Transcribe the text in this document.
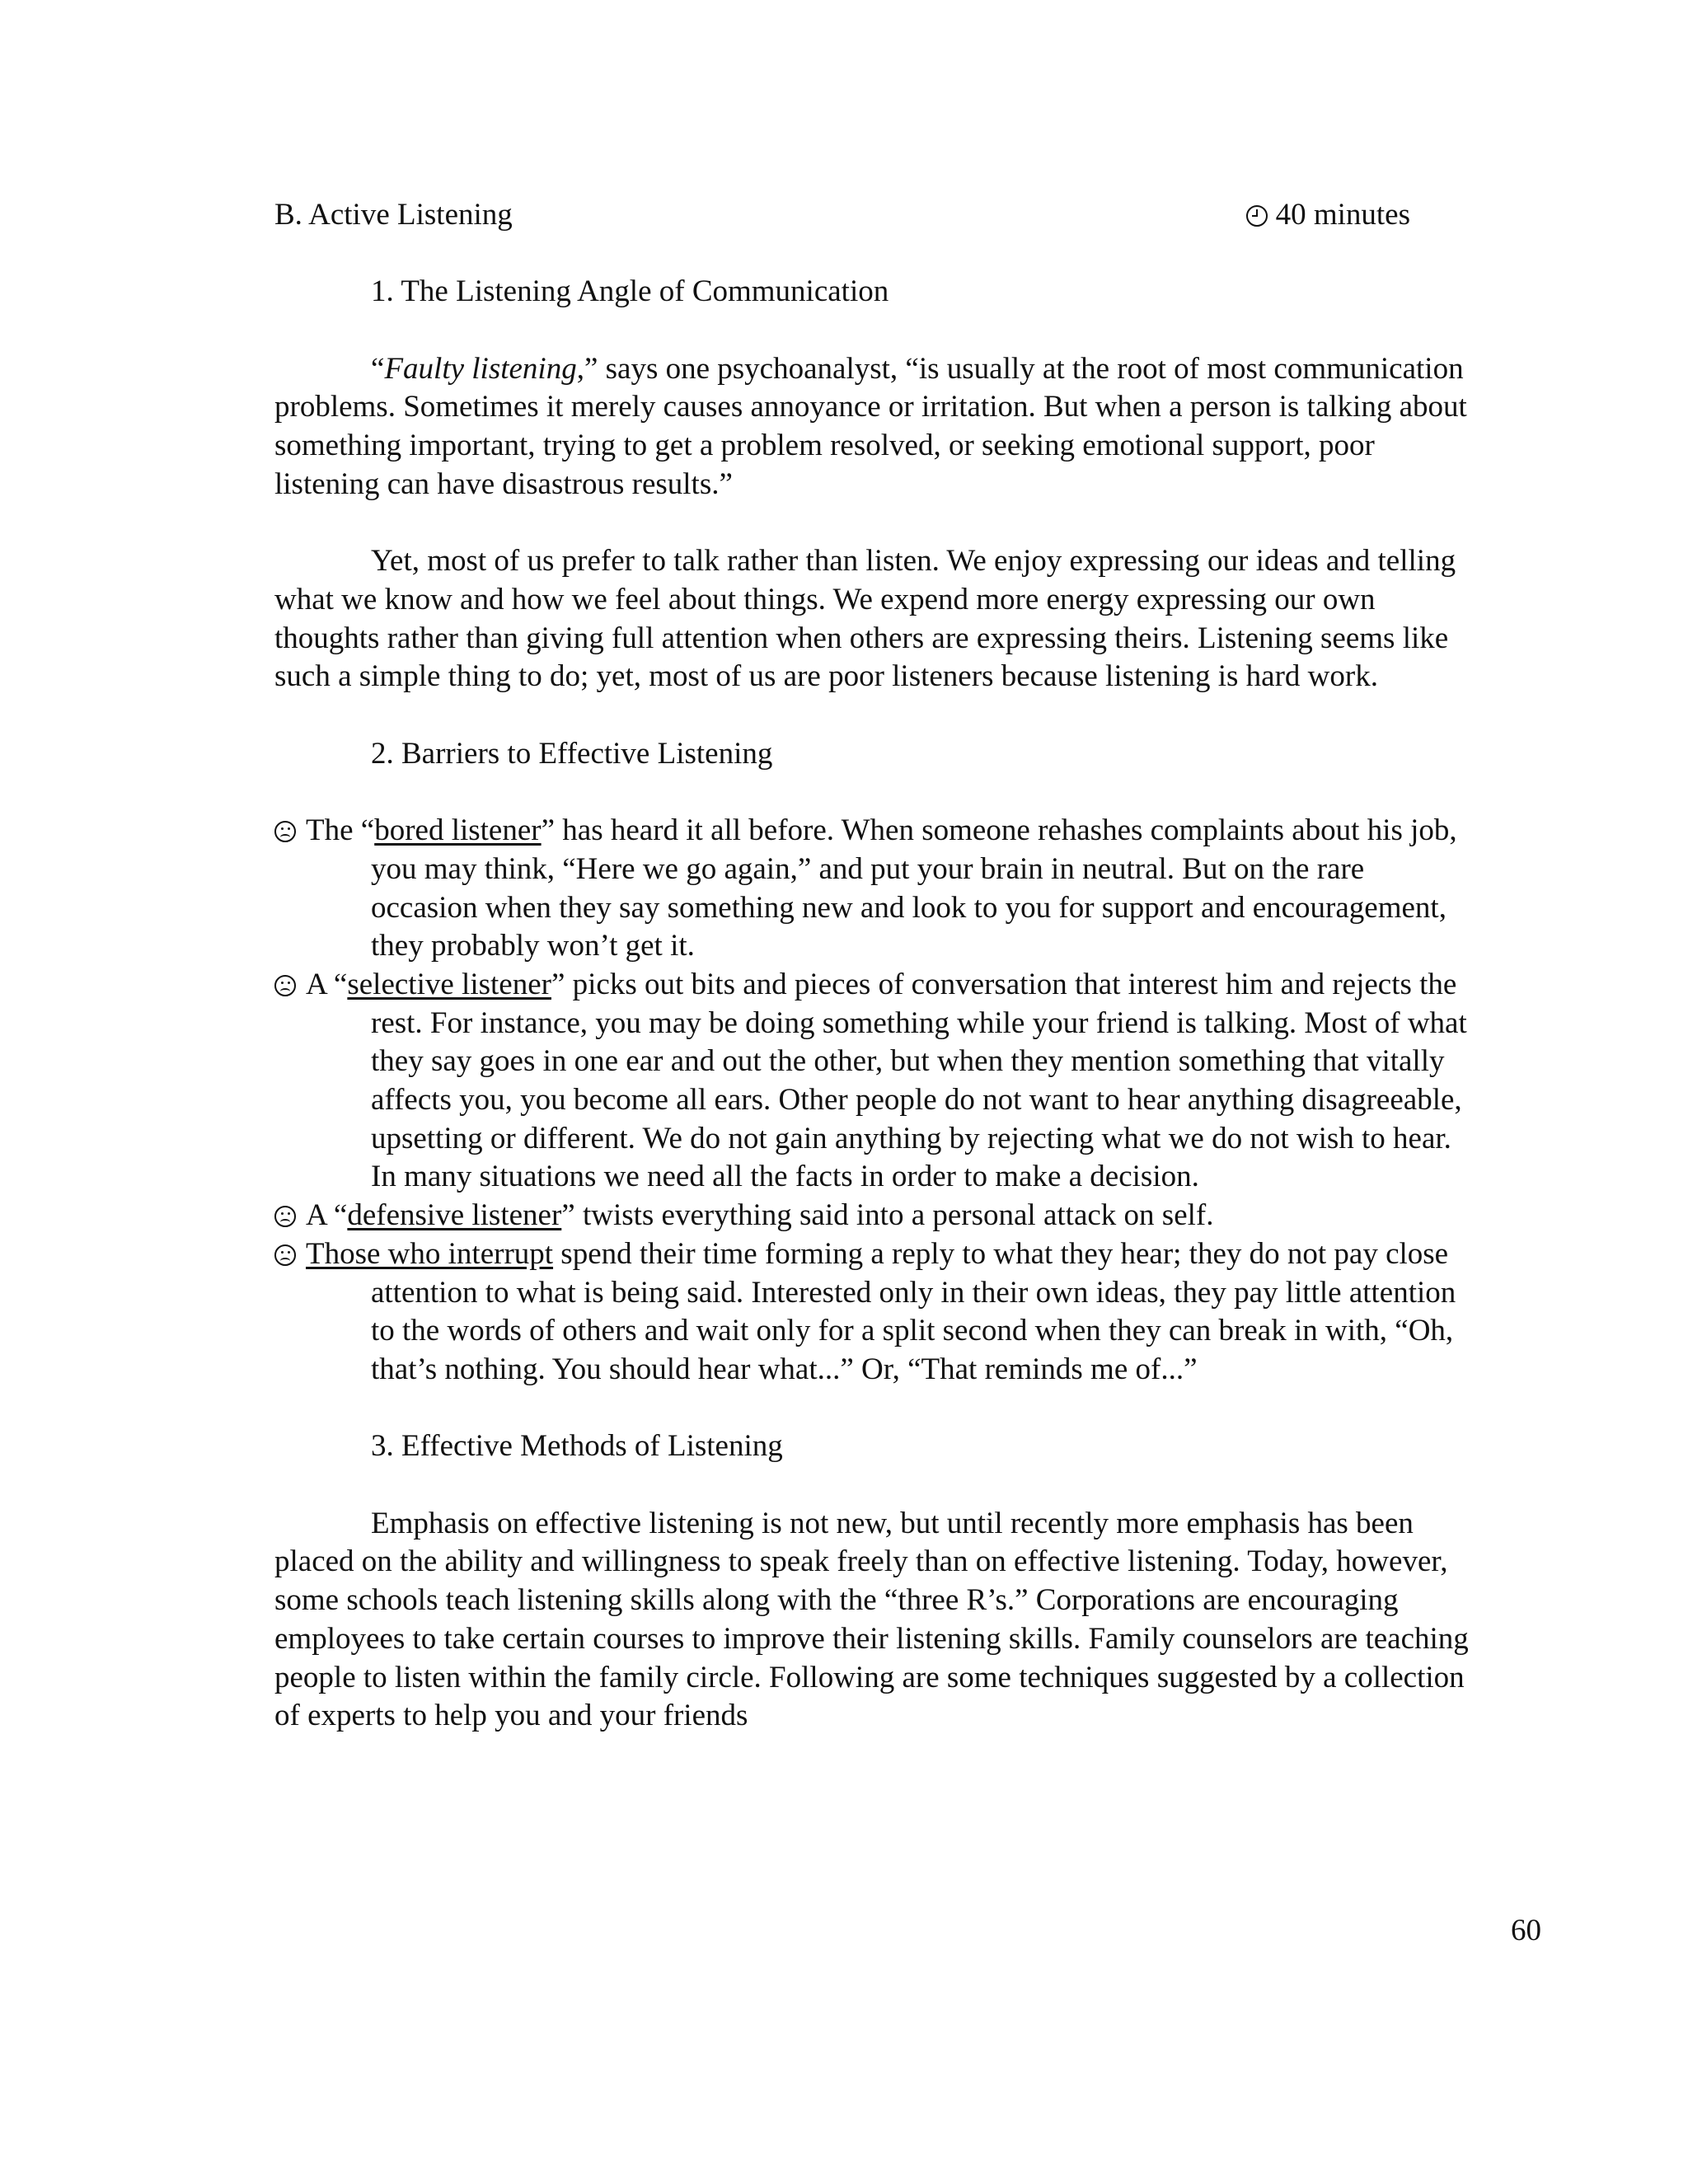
B. Active Listening	40 minutes
1. The Listening Angle of Communication

“Faulty listening,” says one psychoanalyst, “is usually at the root of most communication problems. Sometimes it merely causes annoyance or irritation. But when a person is talking about something important, trying to get a problem resolved, or seeking emotional support, poor listening can have disastrous results.”

Yet, most of us prefer to talk rather than listen. We enjoy expressing our ideas and telling what we know and how we feel about things. We expend more energy expressing our own thoughts rather than giving full attention when others are expressing theirs. Listening seems like such a simple thing to do; yet, most of us are poor listeners because listening is hard work.

2. Barriers to Effective Listening
The “bored listener” has heard it all before. When someone rehashes complaints about his job, you may think, “Here we go again,” and put your brain in neutral. But on the rare occasion when they say something new and look to you for support and encouragement, they probably won’t get it.
A “selective listener” picks out bits and pieces of conversation that interest him and rejects the rest. For instance, you may be doing something while your friend is talking. Most of what they say goes in one ear and out the other, but when they mention something that vitally affects you, you become all ears. Other people do not want to hear anything disagreeable, upsetting or different. We do not gain anything by rejecting what we do not wish to hear. In many situations we need all the facts in order to make a decision.
A “defensive listener” twists everything said into a personal attack on self.
Those who interrupt spend their time forming a reply to what they hear; they do not pay close attention to what is being said. Interested only in their own ideas, they pay little attention to the words of others and wait only for a split second when they can break in with, “Oh, that’s nothing. You should hear what...” Or, “That reminds me of...”
3. Effective Methods of Listening

Emphasis on effective listening is not new, but until recently more emphasis has been placed on the ability and willingness to speak freely than on effective listening. Today, however, some schools teach listening skills along with the “three R’s.” Corporations are encouraging employees to take certain courses to improve their listening skills. Family counselors are teaching people to listen within the family circle. Following are some techniques suggested by a collection of experts to help you and your friends

60
